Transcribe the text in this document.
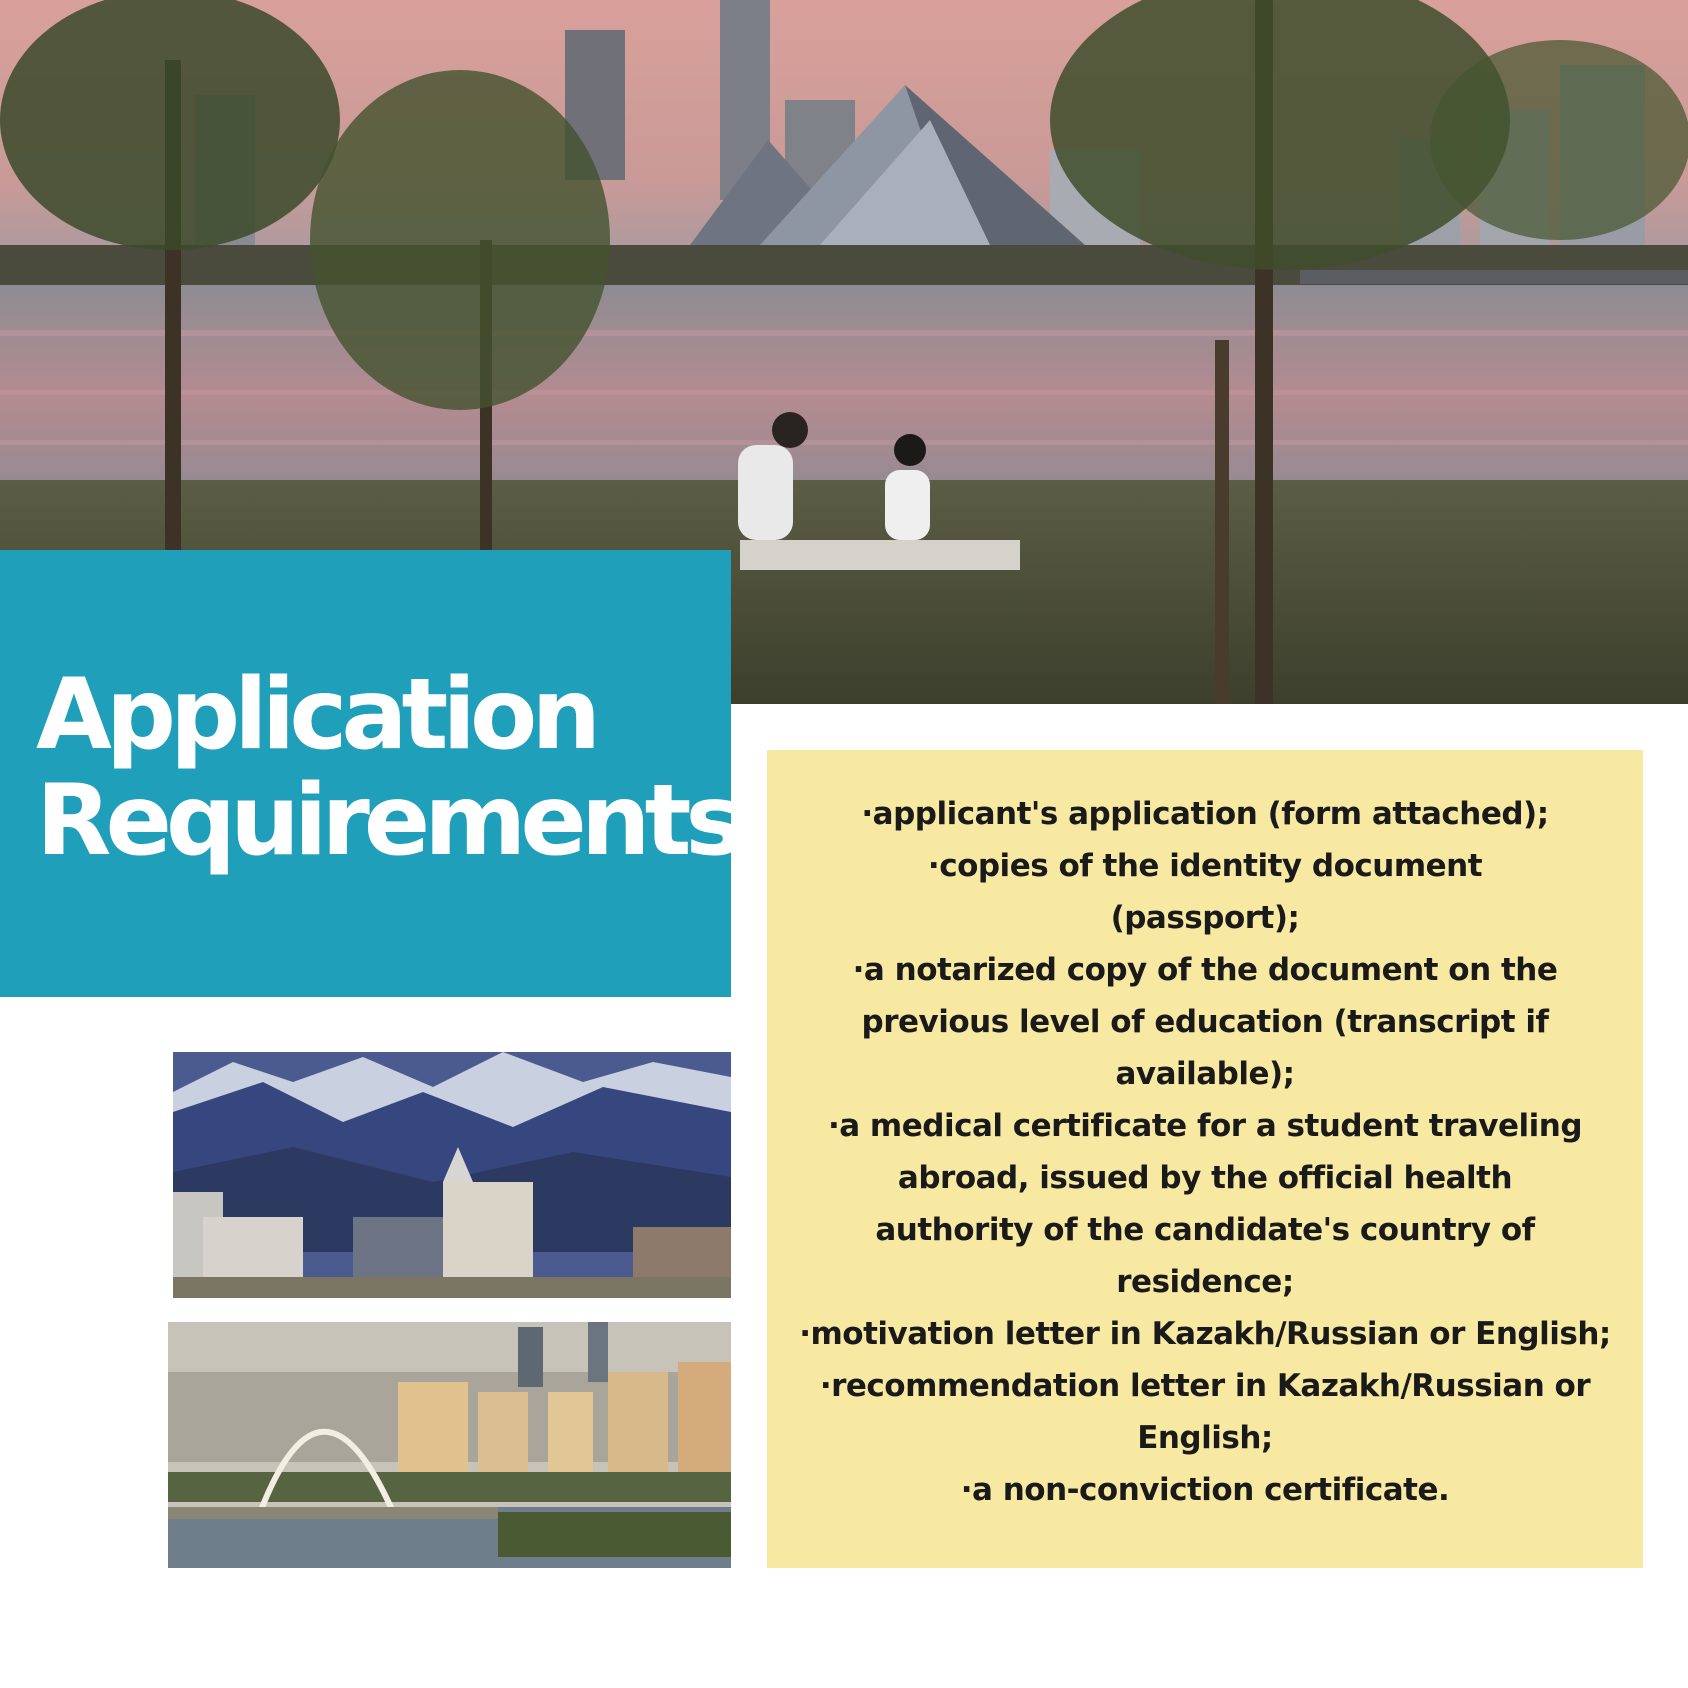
Application
Requirements	·applicant's application (form attached);
·copies of the identity document (passport);
·a notarized copy of the document on the previous level of education (transcript if available);
·a medical certificate for a student traveling abroad, issued by the official health authority of the candidate's country of residence;
·motivation letter in Kazakh/Russian or English;
·recommendation letter in Kazakh/Russian or English;
·a non-conviction certificate.
